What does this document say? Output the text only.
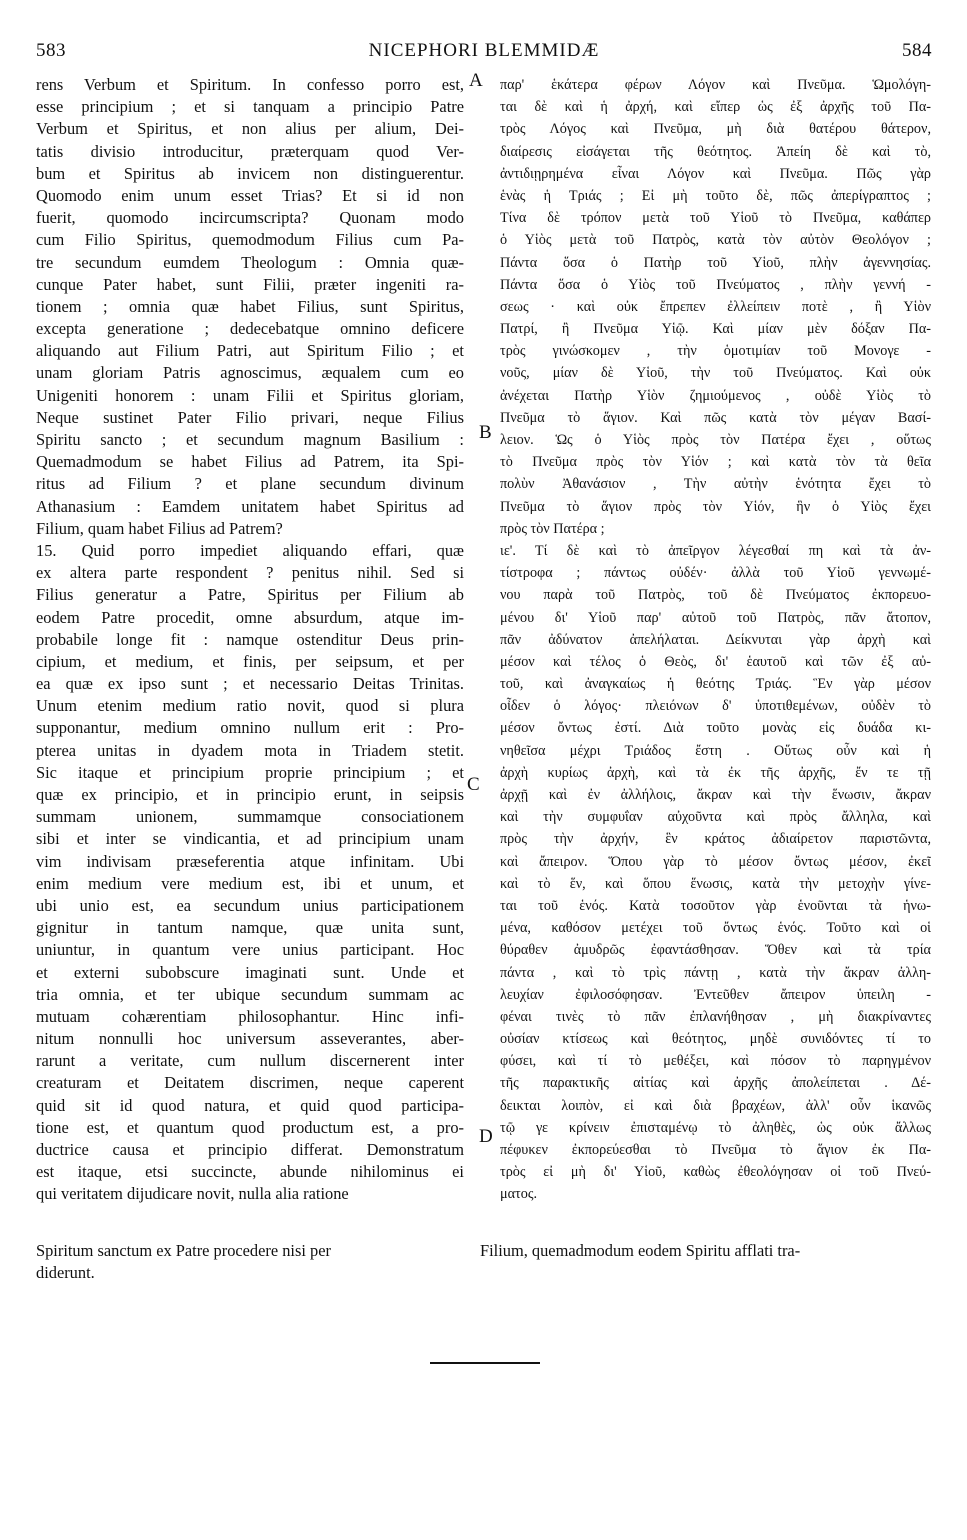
NICEPHORI BLEMMIDÆ
583	584
rens Verbum et Spiritum. In confesso porro est,
esse principium ; et si tanquam a principio Patre
Verbum et Spiritus, et non alius per alium, Dei-
tatis divisio introducitur, præterquam quod Ver-
bum et Spiritus ab invicem non distinguerentur.
Quomodo enim unum esset Trias? Et si id non
fuerit, quomodo incircumscripta? Quonam modo
cum Filio Spiritus, quemodmodum Filius cum Pa-
tre secundum eumdem Theologum : Omnia quæ-
cunque Pater habet, sunt Filii, præter ingeniti ra-
tionem ; omnia quæ habet Filius, sunt Spiritus,
excepta generatione ; dedecebatque omnino deficere
aliquando aut Filium Patri, aut Spiritum Filio ; et
unam gloriam Patris agnoscimus, æqualem cum eo
Unigeniti honorem : unam Filii et Spiritus gloriam,
Neque sustinet Pater Filio privari, neque Filius
Spiritu sancto ; et secundum magnum Basilium :
Quemadmodum se habet Filius ad Patrem, ita Spi-
ritus ad Filium ? et plane secundum divinum
Athanasium : Eamdem unitatem habet Spiritus ad
Filium, quam habet Filius ad Patrem?
15. Quid porro impediet aliquando effari, quæ
ex altera parte respondent ? penitus nihil. Sed si
Filius generatur a Patre, Spiritus per Filium ab
eodem Patre procedit, omne absurdum, atque im-
probabile longe fit : namque ostenditur Deus prin-
cipium, et medium, et finis, per seipsum, et per
ea quæ ex ipso sunt ; et necessario Deitas Trinitas.
Unum etenim medium ratio novit, quod si plura
supponantur, medium omnino nullum erit : Pro-
pterea unitas in dyadem mota in Triadem stetit.
Sic itaque et principium proprie principium ; et
quæ ex principio, et in principio erunt, in seipsis
summam unionem, summamque consociationem
sibi et inter se vindicantia, et ad principium unam
vim indivisam præseferentia atque infinitam. Ubi
enim medium vere medium est, ibi et unum, et
ubi unio est, ea secundum unius participationem
gignitur in tantum namque, quæ unita sunt,
uniuntur, in quantum vere unius participant. Hoc
et externi subobscure imaginati sunt. Unde et
tria omnia, et ter ubique secundum summam ac
mutuam cohærentiam philosophantur. Hinc infi-
nitum nonnulli hoc universum asseverantes, aber-
rarunt a veritate, cum nullum discernerent inter
creaturam et Deitatem discrimen, neque caperent
quid sit id quod natura, et quid quod participa-
tione est, et quantum quod productum est, a pro-
ductrice causa et principio differat. Demonstratum
est itaque, etsi succincte, abunde nihilominus ei
qui veritatem dijudicare novit, nulla alia ratione
παρ' ἑκάτερα φέρων Λόγον καὶ Πνεῦμα. Ὡμολόγη-
ται δὲ καὶ ἡ ἀρχή, καὶ εἴπερ ὡς ἐξ ἀρχῆς τοῦ Πα-
τρὸς Λόγος καὶ Πνεῦμα, μὴ διὰ θατέρου θάτερον,
διαίρεσις εἰσάγεται τῆς θεότητος. Ἀπείη δὲ καὶ τὸ,
ἀντιδιῃρημένα εἶναι Λόγον καὶ Πνεῦμα. Πῶς γὰρ
ἑνὰς ἡ Τριάς ; Εἰ μὴ τοῦτο δὲ, πῶς ἀπερίγραπτος ;
Τίνα δὲ τρόπον μετὰ τοῦ Υἱοῦ τὸ Πνεῦμα, καθάπερ
ὁ Υἱὸς μετὰ τοῦ Πατρὸς, κατὰ τὸν αὐτὸν Θεολόγον ;
Πάντα ὅσα ὁ Πατὴρ τοῦ Υἱοῦ, πλὴν ἀγεννησίας.
Πάντα ὅσα ὁ Υἱὸς τοῦ Πνεύματος , πλὴν γεννή -
σεως · καὶ οὐκ ἔπρεπεν ἐλλείπειν ποτὲ , ἢ Υἱὸν
Πατρί, ἢ Πνεῦμα Υἱῷ. Καὶ μίαν μὲν δόξαν Πα-
τρὸς γινώσκομεν , τὴν ὁμοτιμίαν τοῦ Μονογε -
νοῦς, μίαν δὲ Υἱοῦ, τὴν τοῦ Πνεύματος. Καὶ οὐκ
ἀνέχεται Πατὴρ Υἱὸν ζημιούμενος , οὐδὲ Υἱὸς τὸ
Πνεῦμα τὸ ἅγιον. Καὶ πῶς κατὰ τὸν μέγαν Βασί-
λειον. Ὡς ὁ Υἱὸς πρὸς τὸν Πατέρα ἔχει , οὕτως
τὸ Πνεῦμα πρὸς τὸν Υἱόν ; καὶ κατὰ τὸν τὰ θεῖα
πολὺν Ἀθανάσιον , Τὴν αὐτὴν ἑνότητα ἔχει τὸ
Πνεῦμα τὸ ἅγιον πρὸς τὸν Υἱόν, ἣν ὁ Υἱὸς ἔχει
πρὸς τὸν Πατέρα ;
ιε'. Τί δὲ καὶ τὸ ἀπεῖργον λέγεσθαί πη καὶ τὰ ἀν-
τίστροφα ; πάντως οὐδέν· ἀλλὰ τοῦ Υἱοῦ γεννωμέ-
νου παρὰ τοῦ Πατρὸς, τοῦ δὲ Πνεύματος ἐκπορευο-
μένου δι' Υἱοῦ παρ' αὐτοῦ τοῦ Πατρὸς, πᾶν ἄτοπον,
πᾶν ἀδύνατον ἀπελήλαται. Δείκνυται γὰρ ἀρχὴ καὶ
μέσον καὶ τέλος ὁ Θεὸς, δι' ἑαυτοῦ καὶ τῶν ἐξ αὐ-
τοῦ, καὶ ἀναγκαίως ἡ θεότης Τριάς. Ἓν γὰρ μέσον
οἶδεν ὁ λόγος· πλειόνων δ' ὑποτιθεμένων, οὐδὲν τὸ
μέσον ὄντως ἐστί. Διὰ τοῦτο μονὰς εἰς δυάδα κι-
νηθεῖσα μέχρι Τριάδος ἔστη . Οὕτως οὖν καὶ ἡ
ἀρχὴ κυρίως ἀρχὴ, καὶ τὰ ἐκ τῆς ἀρχῆς, ἔν τε τῇ
ἀρχῇ καὶ ἐν ἀλλήλοις, ἄκραν καὶ τὴν ἕνωσιν, ἄκραν
καὶ τὴν συμφυΐαν αὐχοῦντα καὶ πρὸς ἄλληλα, καὶ
πρὸς τὴν ἀρχήν, ἓν κράτος ἀδιαίρετον παριστῶντα,
καὶ ἄπειρον. Ὅπου γὰρ τὸ μέσον ὄντως μέσον, ἐκεῖ
καὶ τὸ ἕν, καὶ ὅπου ἕνωσις, κατὰ τὴν μετοχὴν γίνε-
ται τοῦ ἑνός. Κατὰ τοσοῦτον γὰρ ἑνοῦνται τὰ ἡνω-
μένα, καθόσον μετέχει τοῦ ὄντως ἑνός. Τοῦτο καὶ οἱ
θύραθεν ἀμυδρῶς ἐφαντάσθησαν. Ὅθεν καὶ τὰ τρία
πάντα , καὶ τὸ τρὶς πάντῃ , κατὰ τὴν ἄκραν ἀλλη-
λευχίαν ἐφιλοσόφησαν. Ἐντεῦθεν ἄπειρον ὑπειλη -
φέναι τινὲς τὸ πᾶν ἐπλανήθησαν , μὴ διακρίναντες
οὐσίαν κτίσεως καὶ θεότητος, μηδὲ συνιδόντες τί το
φύσει, καὶ τί τὸ μεθέξει, καὶ πόσον τὸ παρηγμένον
τῆς παρακτικῆς αἰτίας καὶ ἀρχῆς ἀπολείπεται . Δέ-
δεικται λοιπὸν, εἰ καὶ διὰ βραχέων, ἀλλ' οὖν ἱκανῶς
τῷ γε κρίνειν ἐπισταμένῳ τὸ ἀληθὲς, ὡς οὐκ ἄλλως
πέφυκεν ἐκπορεύεσθαι τὸ Πνεῦμα τὸ ἅγιον ἐκ Πα-
τρὸς εἰ μὴ δι' Υἱοῦ, καθὼς ἐθεολόγησαν οἱ τοῦ Πνεύ-
ματος.
A
B
C
D
Spiritum sanctum ex Patre procedere nisi per
diderunt.
Filium, quemadmodum eodem Spiritu afflati tra-
